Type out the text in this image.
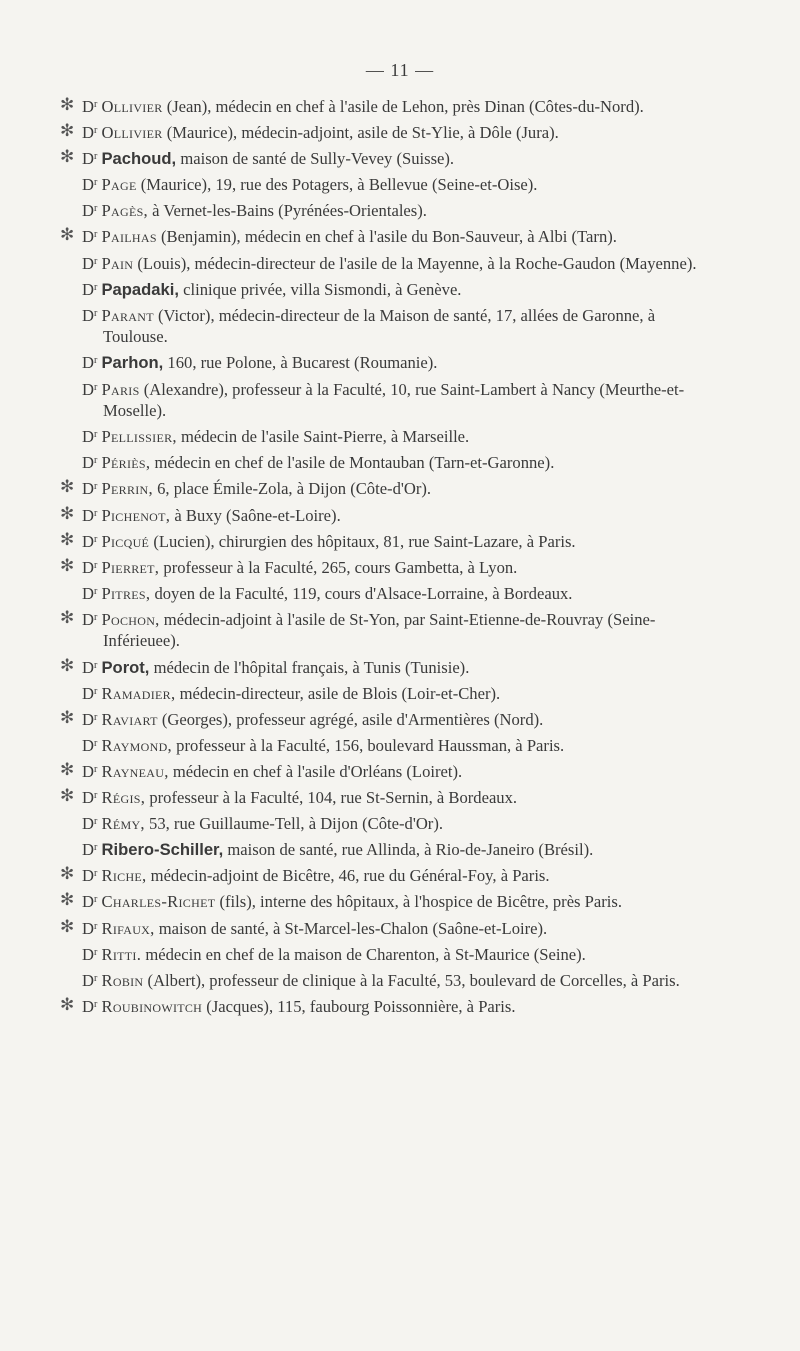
— 11 —

✻ $D^r$ Ollivier (Jean), médecin en chef à l'asile de Lehon, près Dinan (Côtes-du-Nord).

✻ $D^r$ Ollivier (Maurice), médecin-adjoint, asile de St-Ylie, à Dôle (Jura).

✻ $D^r$ Pachoud, maison de santé de Sully-Vevey (Suisse).

$D^r$ Page (Maurice), 19, rue des Potagers, à Bellevue (Seine-et-Oise).

$D^r$ Pagès, à Vernet-les-Bains (Pyrénées-Orientales).

✻ $D^r$ Pailhas (Benjamin), médecin en chef à l'asile du Bon-Sauveur, à Albi (Tarn).

$D^r$ Pain (Louis), médecin-directeur de l'asile de la Mayenne, à la Roche-Gaudon (Mayenne).

$D^r$ Papadaki, clinique privée, villa Sismondi, à Genève.

$D^r$ Parant (Victor), médecin-directeur de la Maison de santé, 17, allées de Garonne, à Toulouse.

$D^r$ Parhon, 160, rue Polone, à Bucarest (Roumanie).

$D^r$ Paris (Alexandre), professeur à la Faculté, 10, rue Saint-Lambert à Nancy (Meurthe-et-Moselle).

$D^r$ Pellissier, médecin de l'asile Saint-Pierre, à Marseille.

$D^r$ Périès, médecin en chef de l'asile de Montauban (Tarn-et-Garonne).

✻ $D^r$ Perrin, 6, place Émile-Zola, à Dijon (Côte-d'Or).

✻ $D^r$ Pichenot, à Buxy (Saône-et-Loire).

✻ $D^r$ Picqué (Lucien), chirurgien des hôpitaux, 81, rue Saint-Lazare, à Paris.

✻ $D^r$ Pierret, professeur à la Faculté, 265, cours Gambetta, à Lyon.

$D^r$ Pitres, doyen de la Faculté, 119, cours d'Alsace-Lorraine, à Bordeaux.

✻ $D^r$ Pochon, médecin-adjoint à l'asile de St-Yon, par Saint-Etienne-de-Rouvray (Seine-Inférieuee).

✻ $D^r$ Porot, médecin de l'hôpital français, à Tunis (Tunisie).

$D^r$ Ramadier, médecin-directeur, asile de Blois (Loir-et-Cher).

✻ $D^r$ Raviart (Georges), professeur agrégé, asile d'Armentières (Nord).

$D^r$ Raymond, professeur à la Faculté, 156, boulevard Haussman, à Paris.

✻ $D^r$ Rayneau, médecin en chef à l'asile d'Orléans (Loiret).

✻ $D^r$ Régis, professeur à la Faculté, 104, rue St-Sernin, à Bordeaux.

$D^r$ Rémy, 53, rue Guillaume-Tell, à Dijon (Côte-d'Or).

$D^r$ Ribero-Schiller, maison de santé, rue Allinda, à Rio-de-Janeiro (Brésil).

✻ $D^r$ Riche, médecin-adjoint de Bicêtre, 46, rue du Général-Foy, à Paris.

✻ $D^r$ Charles-Richet (fils), interne des hôpitaux, à l'hospice de Bicêtre, près Paris.

✻ $D^r$ Rifaux, maison de santé, à St-Marcel-les-Chalon (Saône-et-Loire).

$D^r$ Ritti. médecin en chef de la maison de Charenton, à St-Maurice (Seine).

$D^r$ Robin (Albert), professeur de clinique à la Faculté, 53, boulevard de Corcelles, à Paris.

✻ $D^r$ Roubinowitch (Jacques), 115, faubourg Poissonnière, à Paris.
